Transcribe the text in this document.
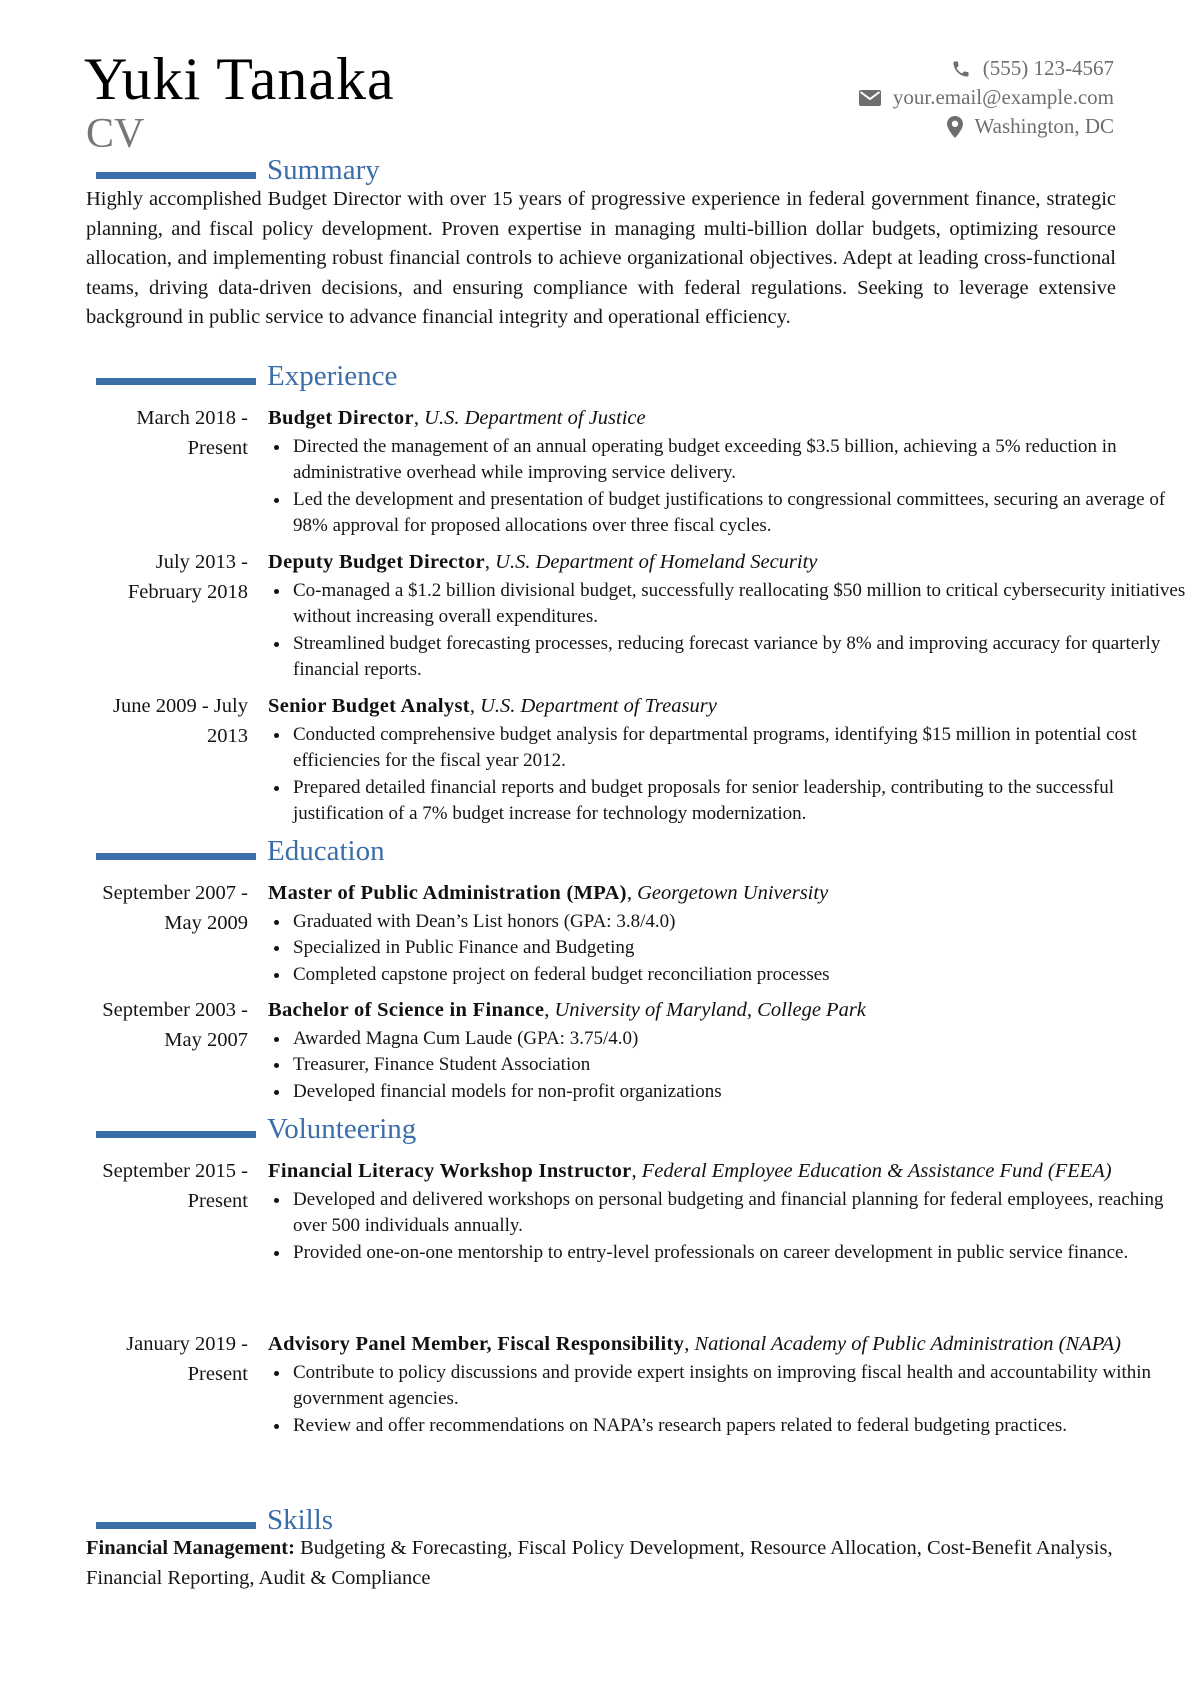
Yuki Tanaka
CV
(555) 123-4567
your.email@example.com
Washington, DC
Summary
Highly accomplished Budget Director with over 15 years of progressive experience in federal government finance, strategic planning, and fiscal policy development. Proven expertise in managing multi-billion dollar budgets, optimizing resource allocation, and implementing robust financial controls to achieve organizational objectives. Adept at leading cross-functional teams, driving data-driven decisions, and ensuring compliance with federal regulations. Seeking to leverage extensive background in public service to advance financial integrity and operational efficiency.
Experience
March 2018 - Present
Budget Director, U.S. Department of Justice
Directed the management of an annual operating budget exceeding $3.5 billion, achieving a 5% reduction in administrative overhead while improving service delivery.
Led the development and presentation of budget justifications to congressional committees, securing an average of 98% approval for proposed allocations over three fiscal cycles.
July 2013 - February 2018
Deputy Budget Director, U.S. Department of Homeland Security
Co-managed a $1.2 billion divisional budget, successfully reallocating $50 million to critical cybersecurity initiatives without increasing overall expenditures.
Streamlined budget forecasting processes, reducing forecast variance by 8% and improving accuracy for quarterly financial reports.
June 2009 - July 2013
Senior Budget Analyst, U.S. Department of Treasury
Conducted comprehensive budget analysis for departmental programs, identifying $15 million in potential cost efficiencies for the fiscal year 2012.
Prepared detailed financial reports and budget proposals for senior leadership, contributing to the successful justification of a 7% budget increase for technology modernization.
Education
September 2007 - May 2009
Master of Public Administration (MPA), Georgetown University
Graduated with Dean’s List honors (GPA: 3.8/4.0)
Specialized in Public Finance and Budgeting
Completed capstone project on federal budget reconciliation processes
September 2003 - May 2007
Bachelor of Science in Finance, University of Maryland, College Park
Awarded Magna Cum Laude (GPA: 3.75/4.0)
Treasurer, Finance Student Association
Developed financial models for non-profit organizations
Volunteering
September 2015 - Present
Financial Literacy Workshop Instructor, Federal Employee Education & Assistance Fund (FEEA)
Developed and delivered workshops on personal budgeting and financial planning for federal employees, reaching over 500 individuals annually.
Provided one-on-one mentorship to entry-level professionals on career development in public service finance.
January 2019 - Present
Advisory Panel Member, Fiscal Responsibility, National Academy of Public Administration (NAPA)
Contribute to policy discussions and provide expert insights on improving fiscal health and accountability within government agencies.
Review and offer recommendations on NAPA’s research papers related to federal budgeting practices.
Skills
Financial Management: Budgeting & Forecasting, Fiscal Policy Development, Resource Allocation, Cost-Benefit Analysis, Financial Reporting, Audit & Compliance
